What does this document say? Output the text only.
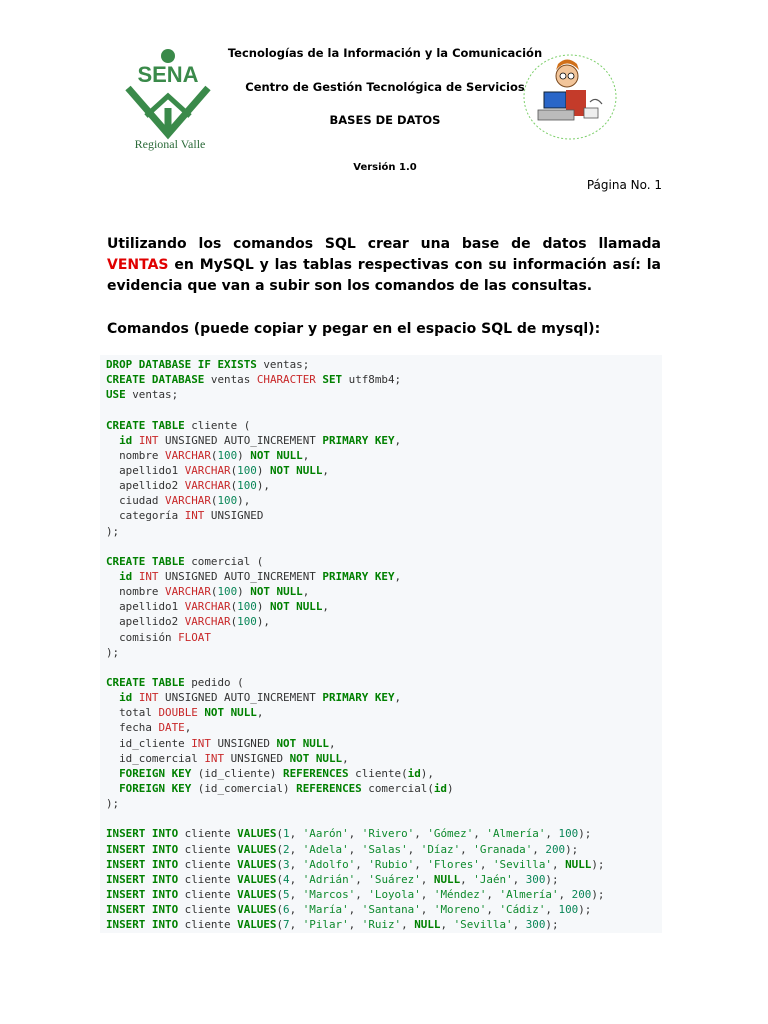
SENA
Regional Valle
Tecnologías de la Información y la Comunicación
Centro de Gestión Tecnológica de Servicios
BASES DE DATOS
Versión 1.0
Página No. 1
Utilizando los comandos SQL crear una base de datos llamada VENTAS en MySQL y las tablas respectivas con su información así: la evidencia que van a subir son los comandos de las consultas.
Comandos (puede copiar y pegar en el espacio SQL de mysql):
DROP DATABASE IF EXISTS ventas;
CREATE DATABASE ventas CHARACTER SET utf8mb4;
USE ventas;

CREATE TABLE cliente (
id INT UNSIGNED AUTO_INCREMENT PRIMARY KEY,
nombre VARCHAR(100) NOT NULL,
apellido1 VARCHAR(100) NOT NULL,
apellido2 VARCHAR(100),
ciudad VARCHAR(100),
categoría INT UNSIGNED
);

CREATE TABLE comercial (
id INT UNSIGNED AUTO_INCREMENT PRIMARY KEY,
nombre VARCHAR(100) NOT NULL,
apellido1 VARCHAR(100) NOT NULL,
apellido2 VARCHAR(100),
comisión FLOAT
);

CREATE TABLE pedido (
id INT UNSIGNED AUTO_INCREMENT PRIMARY KEY,
total DOUBLE NOT NULL,
fecha DATE,
id_cliente INT UNSIGNED NOT NULL,
id_comercial INT UNSIGNED NOT NULL,
FOREIGN KEY (id_cliente) REFERENCES cliente(id),
FOREIGN KEY (id_comercial) REFERENCES comercial(id)
);

INSERT INTO cliente VALUES(1, 'Aarón', 'Rivero', 'Gómez', 'Almería', 100);
INSERT INTO cliente VALUES(2, 'Adela', 'Salas', 'Díaz', 'Granada', 200);
INSERT INTO cliente VALUES(3, 'Adolfo', 'Rubio', 'Flores', 'Sevilla', NULL);
INSERT INTO cliente VALUES(4, 'Adrián', 'Suárez', NULL, 'Jaén', 300);
INSERT INTO cliente VALUES(5, 'Marcos', 'Loyola', 'Méndez', 'Almería', 200);
INSERT INTO cliente VALUES(6, 'María', 'Santana', 'Moreno', 'Cádiz', 100);
INSERT INTO cliente VALUES(7, 'Pilar', 'Ruiz', NULL, 'Sevilla', 300);
